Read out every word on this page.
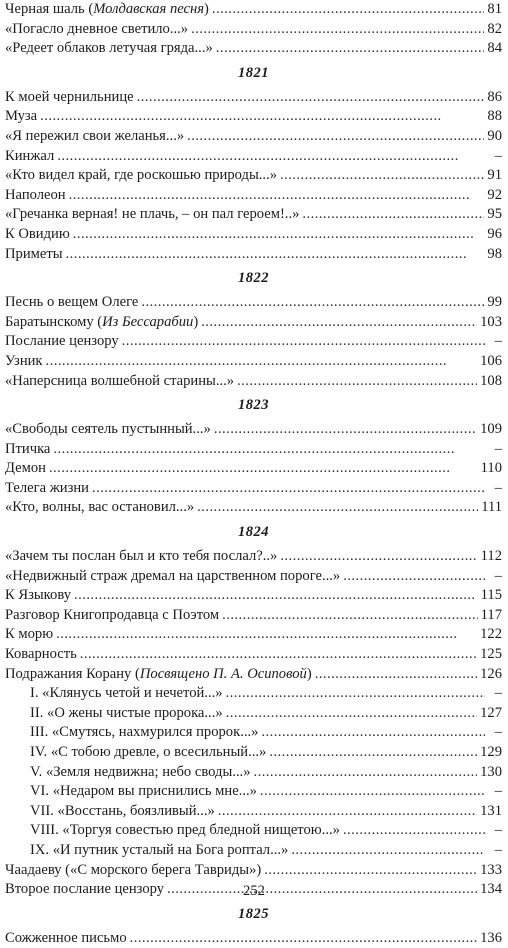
Черная шаль (Молдавская песня) . . .	81
«Погасло дневное светило...» . . .	82
«Редеет облаков летучая гряда...» . . .	84
1821
К моей чернильнице . . .	86
Муза . . .	88
«Я пережил свои желанья...» . . .	90
Кинжал . . .	–
«Кто видел край, где роскошью природы...» . . .	91
Наполеон . . .	92
«Гречанка верная! не плачь, – он пал героем!..» . . .	95
К Овидию . . .	96
Приметы . . .	98
1822
Песнь о вещем Олеге . . .	99
Баратынскому (Из Бессарабии) . . .	103
Послание цензору . . .	–
Узник . . .	106
«Наперсница волшебной старины...» . . .	108
1823
«Свободы сеятель пустынный...» . . .	109
Птичка . . .	–
Демон . . .	110
Телега жизни . . .	–
«Кто, волны, вас остановил...» . . .	111
1824
«Зачем ты послан был и кто тебя послал?..» . . .	112
«Недвижный страж дремал на царственном пороге...» . . .	–
К Языкову . . .	115
Разговор Книгопродавца с Поэтом . . .	117
К морю . . .	122
Коварность . . .	125
Подражания Корану (Посвящено П. А. Осиповой) . . .	126
I. «Клянусь четой и нечетой...» . . .	–
II. «О жены чистые пророка...» . . .	127
III. «Смутясь, нахмурился пророк...» . . .	–
IV. «С тобою древле, о всесильный...» . . .	129
V. «Земля недвижна; небо своды...» . . .	130
VI. «Недаром вы приснились мне...» . . .	–
VII. «Восстань, боязливый...» . . .	131
VIII. «Торгуя совестью пред бледной нищетою...» . . .	–
IX. «И путник усталый на Бога роптал...» . . .	–
Чаадаеву («С морского берега Тавриды») . . .	133
Второе послание цензору . . .	134
1825
Сожженное письмо . . .	136
252
